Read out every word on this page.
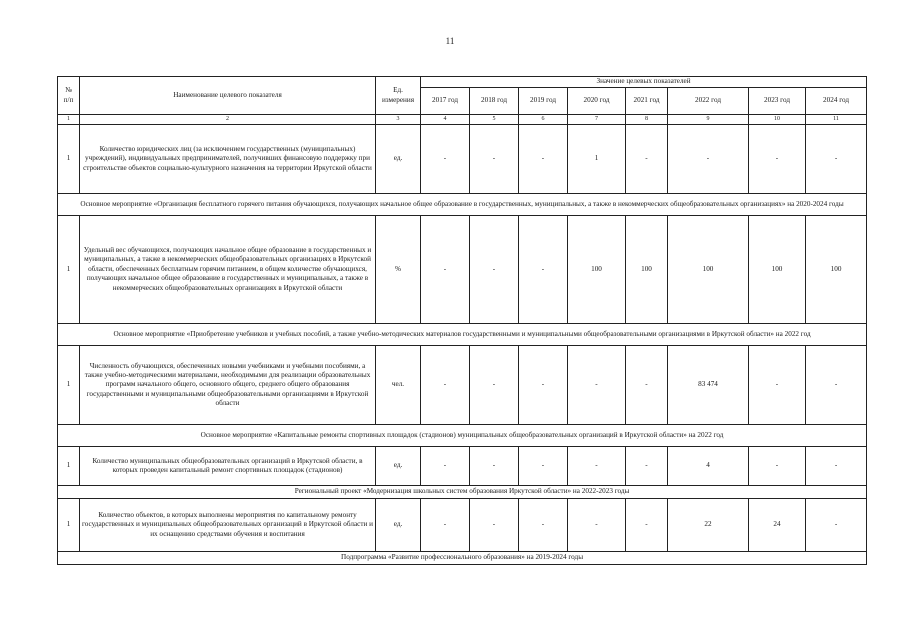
11
№
п/п	Наименование целевого показателя	Ед.
измерения	Значение целевых показателей							
			2017 год	2018 год	2019 год	2020 год	2021 год	2022 год	2023 год	2024 год
1	2	3	4	5	6	7	8	9	10	11
1	Количество юридических лиц (за исключением государственных (муниципальных) учреждений), индивидуальных предпринимателей, получивших финансовую поддержку при строительстве объектов социально-культурного назначения на территории Иркутской области	ед.	-	-	-	1	-	-	-	-
Основное мероприятие «Организация бесплатного горячего питания обучающихся, получающих начальное общее образование в государственных, муниципальных, а также в некоммерческих общеобразовательных организациях» на 2020-2024 годы										
1	Удельный вес обучающихся, получающих начальное общее образование в государственных и муниципальных, а также в некоммерческих общеобразовательных организациях в Иркутской области, обеспеченных бесплатным горячим питанием, в общем количестве обучающихся, получающих начальное общее образование в государственных и муниципальных, а также в некоммерческих общеобразовательных организациях в Иркутской области	%	-	-	-	100	100	100	100	100
Основное мероприятие «Приобретение учебников и учебных пособий, а также учебно-методических материалов государственными и муниципальными общеобразовательными организациями в Иркутской области» на 2022 год										
1	Численность обучающихся, обеспеченных новыми учебниками и учебными пособиями, а также учебно-методическими материалами, необходимыми для реализации образовательных программ начального общего, основного общего, среднего общего образования государственными и муниципальными общеобразовательными организациями в Иркутской области	чел.	-	-	-	-	-	83 474	-	-
Основное мероприятие «Капитальные ремонты спортивных площадок (стадионов) муниципальных общеобразовательных организаций в Иркутской области» на 2022 год										
1	Количество муниципальных общеобразовательных организаций в Иркутской области, в которых проведен капитальный ремонт спортивных площадок (стадионов)	ед.	-	-	-	-	-	4	-	-
Региональный проект «Модернизация школьных систем образования Иркутской области» на 2022-2023 годы										
1	Количество объектов, в которых выполнены мероприятия по капитальному ремонту государственных и муниципальных общеобразовательных организаций в Иркутской области и их оснащению средствами обучения и воспитания	ед.	-	-	-	-	-	22	24	-
Подпрограмма «Развитие профессионального образования» на 2019-2024 годы										
